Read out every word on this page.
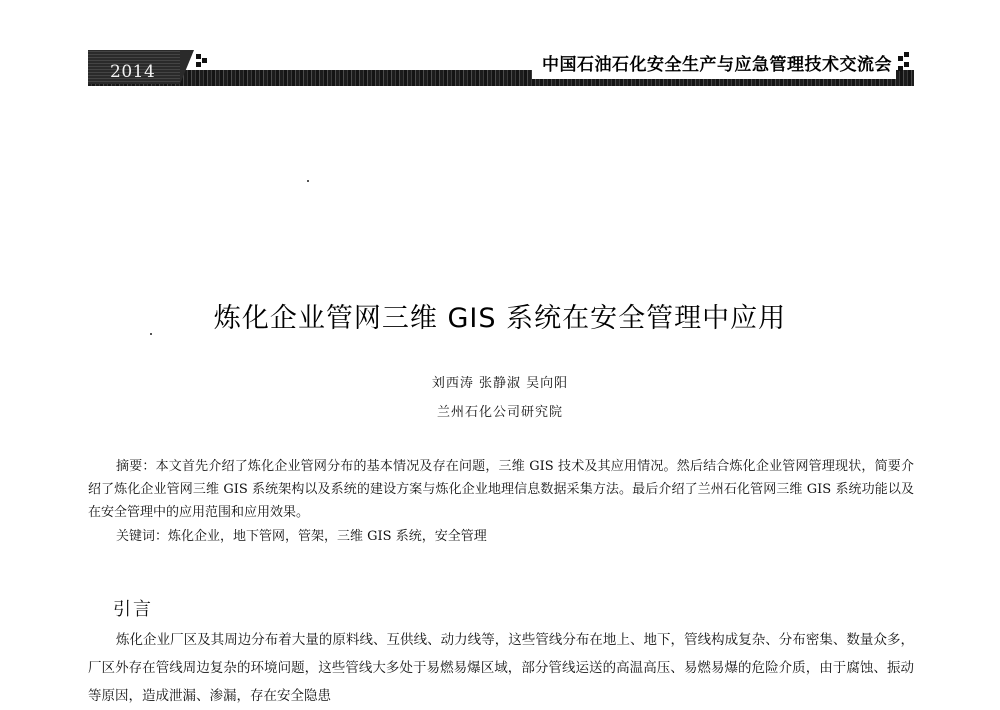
2014	中国石油石化安全生产与应急管理技术交流会
炼化企业管网三维 GIS 系统在安全管理中应用
刘西涛 张静淑 吴向阳
兰州石化公司研究院
摘要：本文首先介绍了炼化企业管网分布的基本情况及存在问题，三维 GIS 技术及其应用情况。然后结合炼化企业管网管理现状，简要介绍了炼化企业管网三维 GIS 系统架构以及系统的建设方案与炼化企业地理信息数据采集方法。最后介绍了兰州石化管网三维 GIS 系统功能以及在安全管理中的应用范围和应用效果。
关键词：炼化企业，地下管网，管架，三维 GIS 系统，安全管理
引言
炼化企业厂区及其周边分布着大量的原料线、互供线、动力线等，这些管线分布在地上、地下，管线构成复杂、分布密集、数量众多，厂区外存在管线周边复杂的环境问题，这些管线大多处于易燃易爆区域，部分管线运送的高温高压、易燃易爆的危险介质，由于腐蚀、振动等原因，造成泄漏、渗漏，存在安全隐患
